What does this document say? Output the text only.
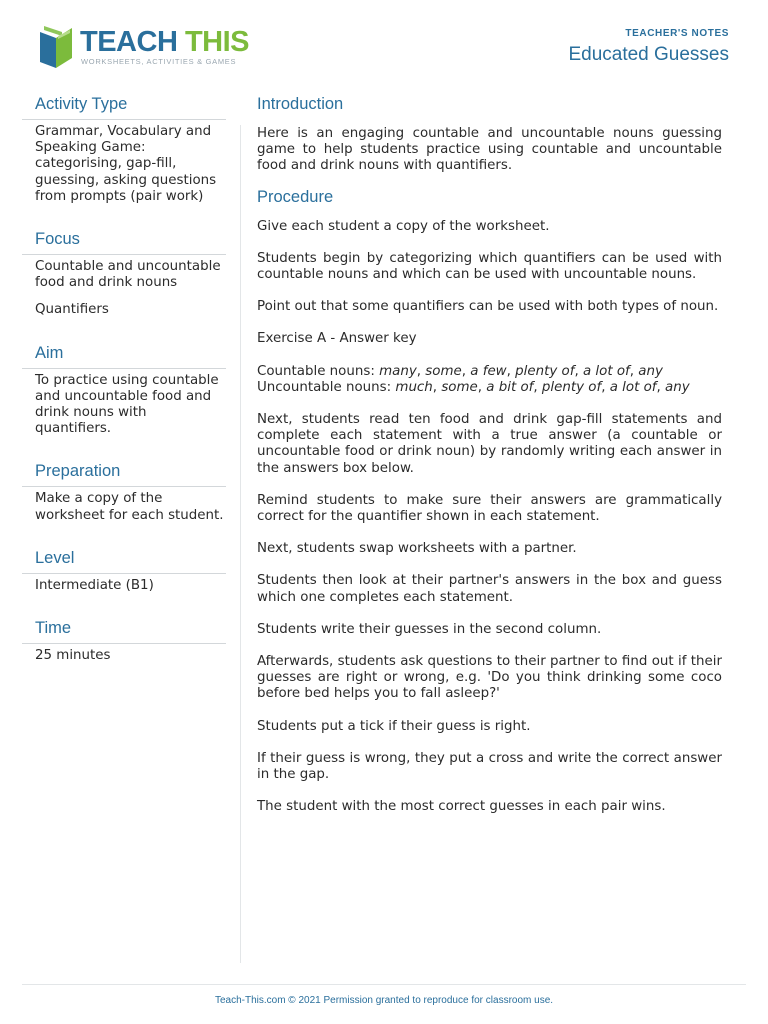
TEACH THIS
WORKSHEETS, ACTIVITIES & GAMES
TEACHER'S NOTES
Educated Guesses
Activity Type

Grammar, Vocabulary and Speaking Game: categorising, gap-fill, guessing, asking questions from prompts (pair work)

Focus

Countable and uncountable food and drink nouns

Quantifiers

Aim

To practice using countable and uncountable food and drink nouns with quantifiers.

Preparation

Make a copy of the worksheet for each student.

Level

Intermediate (B1)

Time

25 minutes

Introduction

Here is an engaging countable and uncountable nouns guessing game to help students practice using countable and uncountable food and drink nouns with quantifiers.

Procedure

Give each student a copy of the worksheet.

Students begin by categorizing which quantifiers can be used with countable nouns and which can be used with uncountable nouns.

Point out that some quantifiers can be used with both types of noun.

Exercise A - Answer key

Countable nouns: many, some, a few, plenty of, a lot of, any
Uncountable nouns: much, some, a bit of, plenty of, a lot of, any

Next, students read ten food and drink gap-fill statements and complete each statement with a true answer (a countable or uncountable food or drink noun) by randomly writing each answer in the answers box below.

Remind students to make sure their answers are grammatically correct for the quantifier shown in each statement.

Next, students swap worksheets with a partner.

Students then look at their partner's answers in the box and guess which one completes each statement.

Students write their guesses in the second column.

Afterwards, students ask questions to their partner to find out if their guesses are right or wrong, e.g. 'Do you think drinking some coco before bed helps you to fall asleep?'

Students put a tick if their guess is right.

If their guess is wrong, they put a cross and write the correct answer in the gap.

The student with the most correct guesses in each pair wins.

Teach-This.com © 2021 Permission granted to reproduce for classroom use.
